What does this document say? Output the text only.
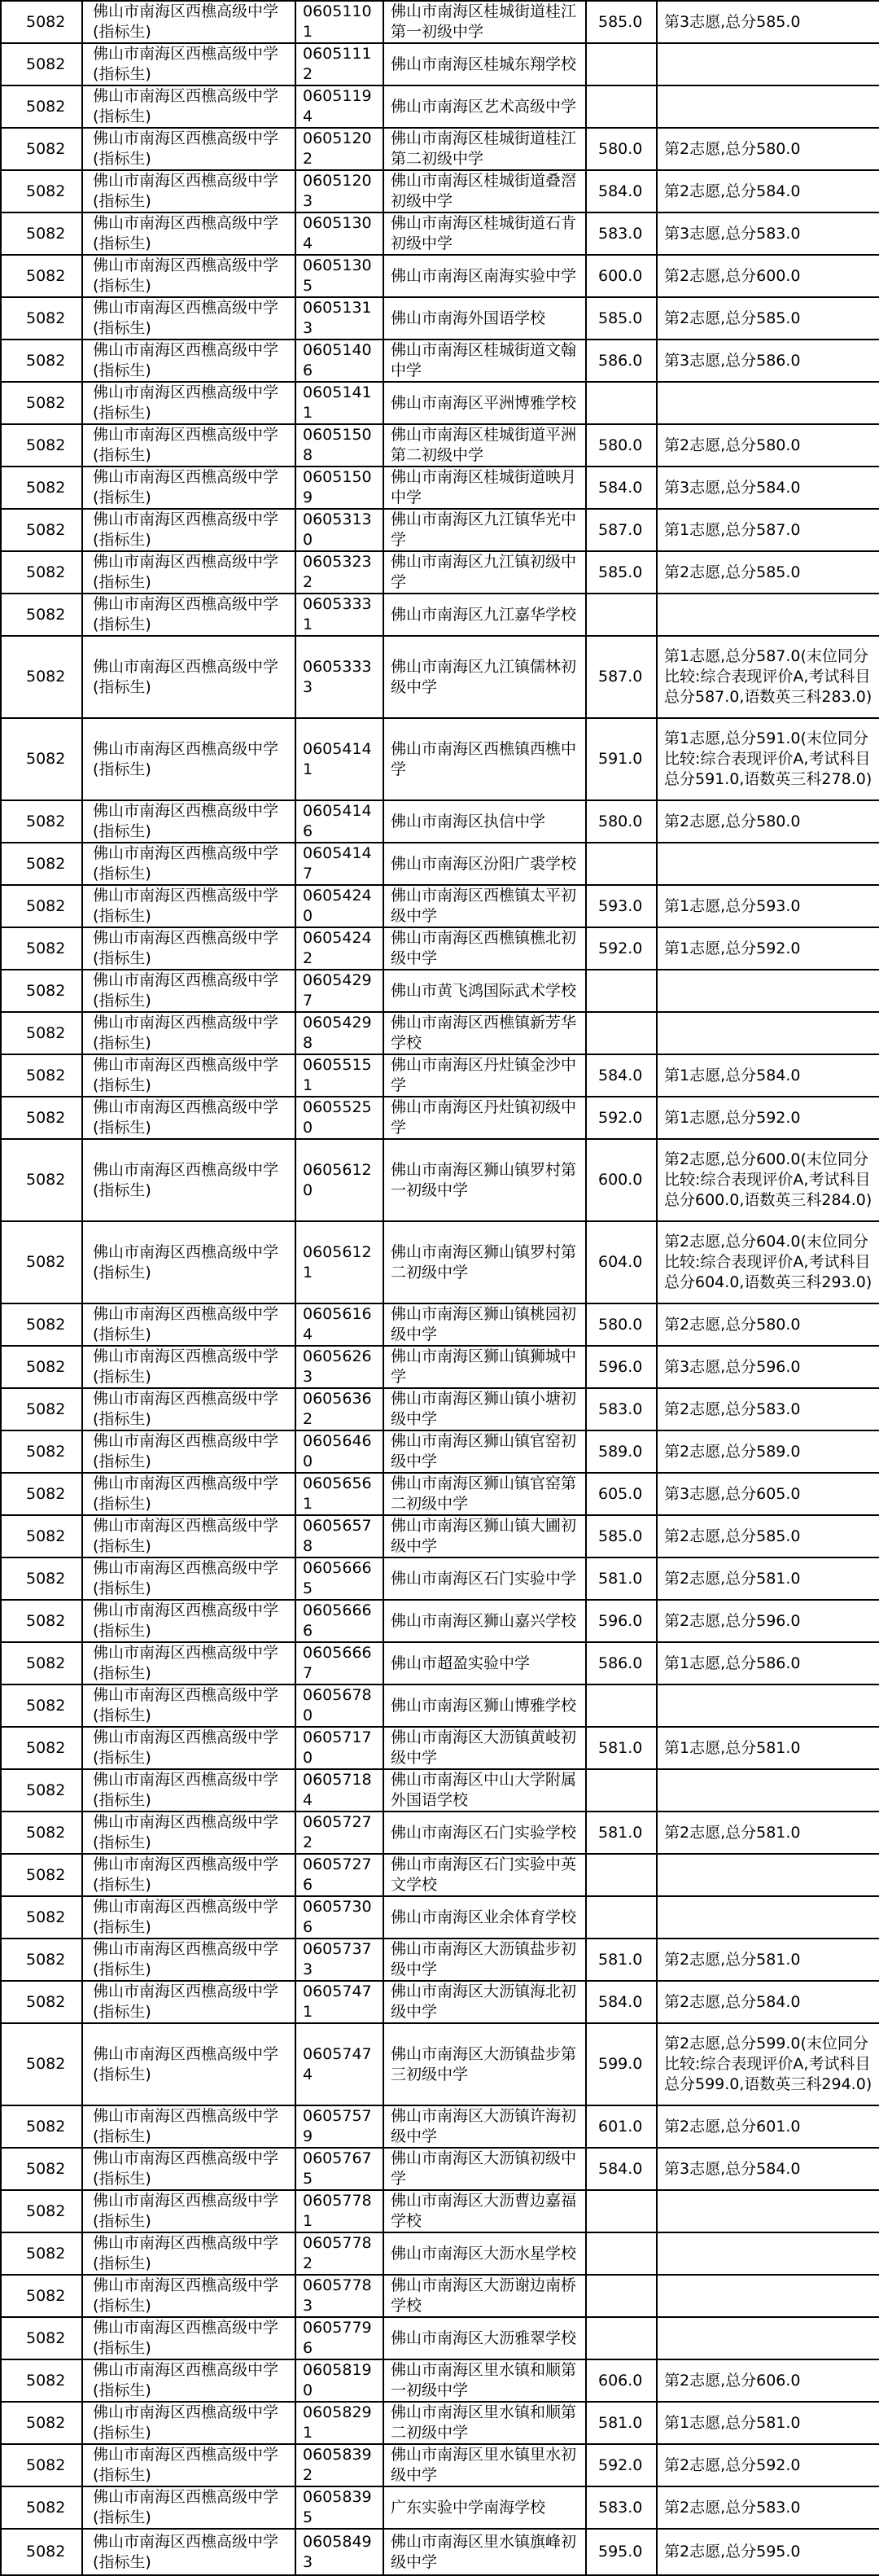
5082	佛山市南海区西樵高级中学(指标生)	06051101	佛山市南海区桂城街道桂江第一初级中学	585.0	第3志愿,总分585.0
5082	佛山市南海区西樵高级中学(指标生)	06051112	佛山市南海区桂城东翔学校		
5082	佛山市南海区西樵高级中学(指标生)	06051194	佛山市南海区艺术高级中学		
5082	佛山市南海区西樵高级中学(指标生)	06051202	佛山市南海区桂城街道桂江第二初级中学	580.0	第2志愿,总分580.0
5082	佛山市南海区西樵高级中学(指标生)	06051203	佛山市南海区桂城街道叠滘初级中学	584.0	第2志愿,总分584.0
5082	佛山市南海区西樵高级中学(指标生)	06051304	佛山市南海区桂城街道石肯初级中学	583.0	第3志愿,总分583.0
5082	佛山市南海区西樵高级中学(指标生)	06051305	佛山市南海区南海实验中学	600.0	第2志愿,总分600.0
5082	佛山市南海区西樵高级中学(指标生)	06051313	佛山市南海外国语学校	585.0	第2志愿,总分585.0
5082	佛山市南海区西樵高级中学(指标生)	06051406	佛山市南海区桂城街道文翰中学	586.0	第3志愿,总分586.0
5082	佛山市南海区西樵高级中学(指标生)	06051411	佛山市南海区平洲博雅学校		
5082	佛山市南海区西樵高级中学(指标生)	06051508	佛山市南海区桂城街道平洲第二初级中学	580.0	第2志愿,总分580.0
5082	佛山市南海区西樵高级中学(指标生)	06051509	佛山市南海区桂城街道映月中学	584.0	第3志愿,总分584.0
5082	佛山市南海区西樵高级中学(指标生)	06053130	佛山市南海区九江镇华光中学	587.0	第1志愿,总分587.0
5082	佛山市南海区西樵高级中学(指标生)	06053232	佛山市南海区九江镇初级中学	585.0	第2志愿,总分585.0
5082	佛山市南海区西樵高级中学(指标生)	06053331	佛山市南海区九江嘉华学校		
5082	佛山市南海区西樵高级中学(指标生)	06053333	佛山市南海区九江镇儒林初级中学	587.0	第1志愿,总分587.0(末位同分比较:综合表现评价A,考试科目总分587.0,语数英三科283.0)
5082	佛山市南海区西樵高级中学(指标生)	06054141	佛山市南海区西樵镇西樵中学	591.0	第1志愿,总分591.0(末位同分比较:综合表现评价A,考试科目总分591.0,语数英三科278.0)
5082	佛山市南海区西樵高级中学(指标生)	06054146	佛山市南海区执信中学	580.0	第2志愿,总分580.0
5082	佛山市南海区西樵高级中学(指标生)	06054147	佛山市南海区汾阳广裘学校		
5082	佛山市南海区西樵高级中学(指标生)	06054240	佛山市南海区西樵镇太平初级中学	593.0	第1志愿,总分593.0
5082	佛山市南海区西樵高级中学(指标生)	06054242	佛山市南海区西樵镇樵北初级中学	592.0	第1志愿,总分592.0
5082	佛山市南海区西樵高级中学(指标生)	06054297	佛山市黄飞鸿国际武术学校		
5082	佛山市南海区西樵高级中学(指标生)	06054298	佛山市南海区西樵镇新芳华学校		
5082	佛山市南海区西樵高级中学(指标生)	06055151	佛山市南海区丹灶镇金沙中学	584.0	第1志愿,总分584.0
5082	佛山市南海区西樵高级中学(指标生)	06055250	佛山市南海区丹灶镇初级中学	592.0	第1志愿,总分592.0
5082	佛山市南海区西樵高级中学(指标生)	06056120	佛山市南海区狮山镇罗村第一初级中学	600.0	第2志愿,总分600.0(末位同分比较:综合表现评价A,考试科目总分600.0,语数英三科284.0)
5082	佛山市南海区西樵高级中学(指标生)	06056121	佛山市南海区狮山镇罗村第二初级中学	604.0	第2志愿,总分604.0(末位同分比较:综合表现评价A,考试科目总分604.0,语数英三科293.0)
5082	佛山市南海区西樵高级中学(指标生)	06056164	佛山市南海区狮山镇桃园初级中学	580.0	第2志愿,总分580.0
5082	佛山市南海区西樵高级中学(指标生)	06056263	佛山市南海区狮山镇狮城中学	596.0	第3志愿,总分596.0
5082	佛山市南海区西樵高级中学(指标生)	06056362	佛山市南海区狮山镇小塘初级中学	583.0	第2志愿,总分583.0
5082	佛山市南海区西樵高级中学(指标生)	06056460	佛山市南海区狮山镇官窑初级中学	589.0	第2志愿,总分589.0
5082	佛山市南海区西樵高级中学(指标生)	06056561	佛山市南海区狮山镇官窑第二初级中学	605.0	第3志愿,总分605.0
5082	佛山市南海区西樵高级中学(指标生)	06056578	佛山市南海区狮山镇大圃初级中学	585.0	第2志愿,总分585.0
5082	佛山市南海区西樵高级中学(指标生)	06056665	佛山市南海区石门实验中学	581.0	第2志愿,总分581.0
5082	佛山市南海区西樵高级中学(指标生)	06056666	佛山市南海区狮山嘉兴学校	596.0	第2志愿,总分596.0
5082	佛山市南海区西樵高级中学(指标生)	06056667	佛山市超盈实验中学	586.0	第1志愿,总分586.0
5082	佛山市南海区西樵高级中学(指标生)	06056780	佛山市南海区狮山博雅学校		
5082	佛山市南海区西樵高级中学(指标生)	06057170	佛山市南海区大沥镇黄岐初级中学	581.0	第1志愿,总分581.0
5082	佛山市南海区西樵高级中学(指标生)	06057184	佛山市南海区中山大学附属外国语学校		
5082	佛山市南海区西樵高级中学(指标生)	06057272	佛山市南海区石门实验学校	581.0	第2志愿,总分581.0
5082	佛山市南海区西樵高级中学(指标生)	06057276	佛山市南海区石门实验中英文学校		
5082	佛山市南海区西樵高级中学(指标生)	06057306	佛山市南海区业余体育学校		
5082	佛山市南海区西樵高级中学(指标生)	06057373	佛山市南海区大沥镇盐步初级中学	581.0	第2志愿,总分581.0
5082	佛山市南海区西樵高级中学(指标生)	06057471	佛山市南海区大沥镇海北初级中学	584.0	第2志愿,总分584.0
5082	佛山市南海区西樵高级中学(指标生)	06057474	佛山市南海区大沥镇盐步第三初级中学	599.0	第2志愿,总分599.0(末位同分比较:综合表现评价A,考试科目总分599.0,语数英三科294.0)
5082	佛山市南海区西樵高级中学(指标生)	06057579	佛山市南海区大沥镇许海初级中学	601.0	第2志愿,总分601.0
5082	佛山市南海区西樵高级中学(指标生)	06057675	佛山市南海区大沥镇初级中学	584.0	第3志愿,总分584.0
5082	佛山市南海区西樵高级中学(指标生)	06057781	佛山市南海区大沥曹边嘉福学校		
5082	佛山市南海区西樵高级中学(指标生)	06057782	佛山市南海区大沥水星学校		
5082	佛山市南海区西樵高级中学(指标生)	06057783	佛山市南海区大沥谢边南桥学校		
5082	佛山市南海区西樵高级中学(指标生)	06057796	佛山市南海区大沥雅翠学校		
5082	佛山市南海区西樵高级中学(指标生)	06058190	佛山市南海区里水镇和顺第一初级中学	606.0	第2志愿,总分606.0
5082	佛山市南海区西樵高级中学(指标生)	06058291	佛山市南海区里水镇和顺第二初级中学	581.0	第1志愿,总分581.0
5082	佛山市南海区西樵高级中学(指标生)	06058392	佛山市南海区里水镇里水初级中学	592.0	第2志愿,总分592.0
5082	佛山市南海区西樵高级中学(指标生)	06058395	广东实验中学南海学校	583.0	第2志愿,总分583.0
5082	佛山市南海区西樵高级中学(指标生)	06058493	佛山市南海区里水镇旗峰初级中学	595.0	第2志愿,总分595.0
